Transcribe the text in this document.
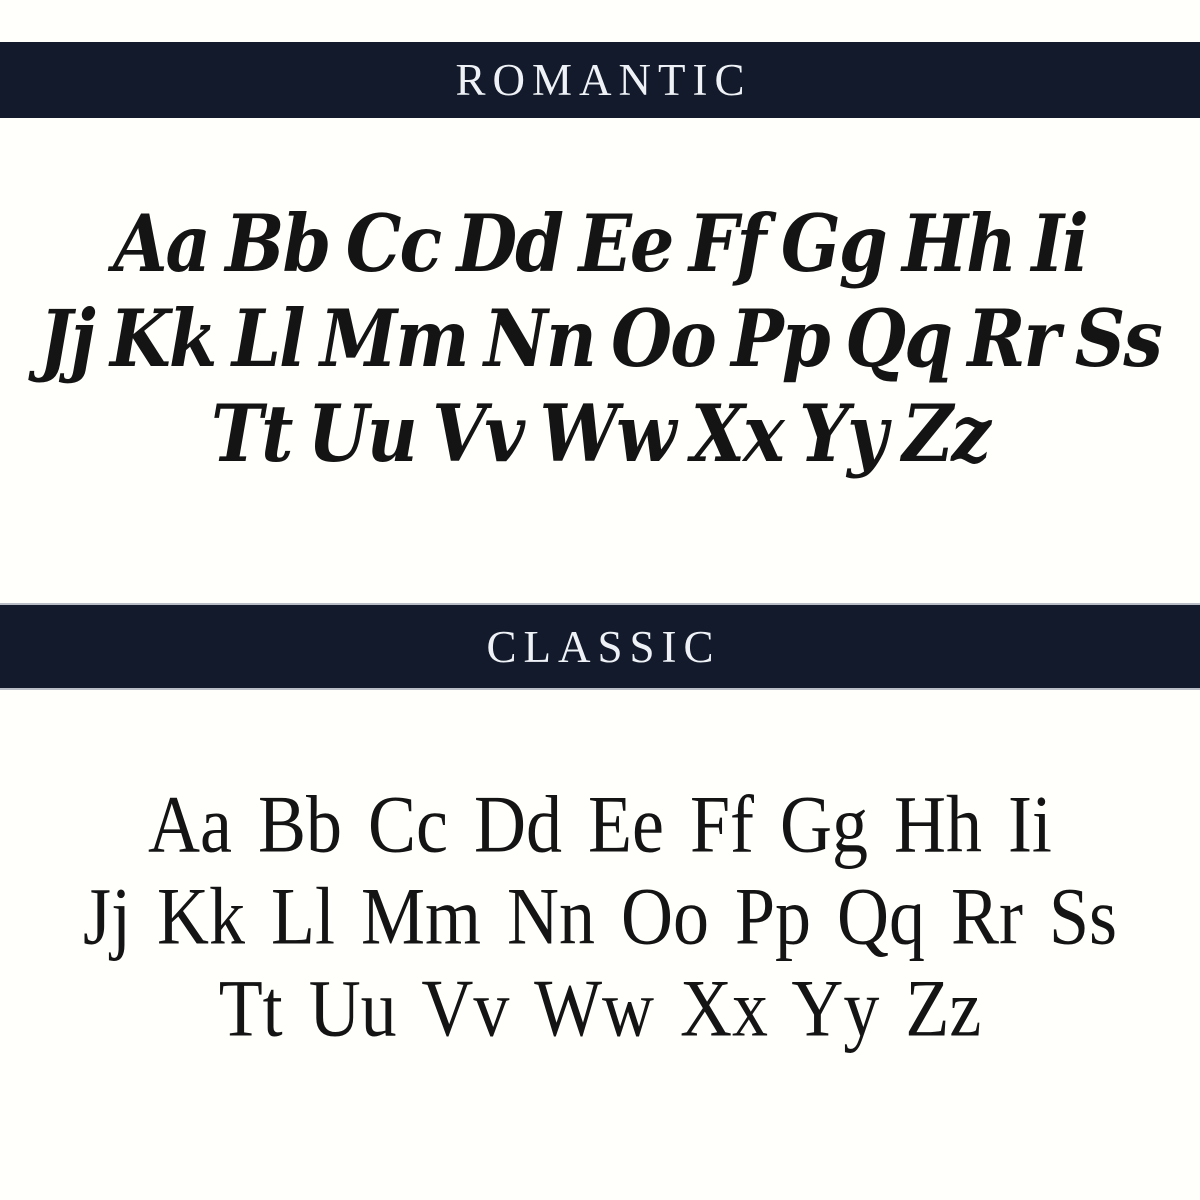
ROMANTIC
Aa Bb Cc Dd Ee Ff Gg Hh Ii
Jj Kk Ll Mm Nn Oo Pp Qq Rr Ss
Tt Uu Vv Ww Xx Yy Zz
CLASSIC
Aa Bb Cc Dd Ee Ff Gg Hh Ii
Jj Kk Ll Mm Nn Oo Pp Qq Rr Ss
Tt Uu Vv Ww Xx Yy Zz
